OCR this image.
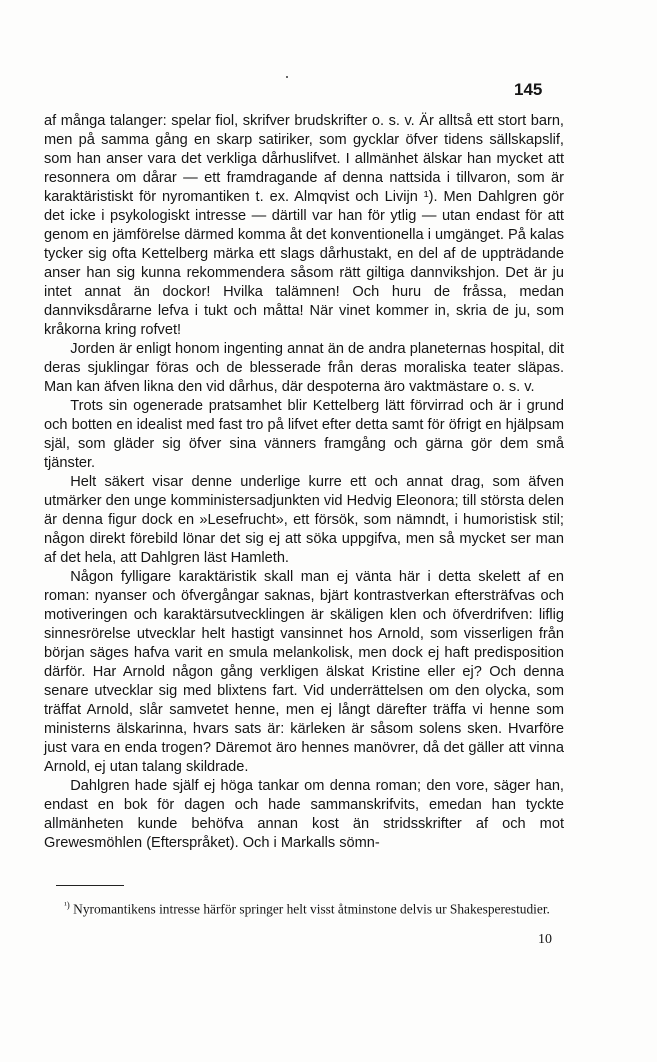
145

af många talanger: spelar fiol, skrifver brudskrifter o. s. v. Är alltså ett stort barn, men på samma gång en skarp satiriker, som gycklar öfver tidens sällskapslif, som han anser vara det verkliga dårhuslifvet. I allmänhet älskar han mycket att resonnera om dårar — ett framdragande af denna nattsida i tillvaron, som är karaktäristiskt för nyromantiken t. ex. Almqvist och Livijn ¹). Men Dahlgren gör det icke i psykologiskt intresse — därtill var han för ytlig — utan endast för att genom en jämförelse därmed komma åt det konventionella i umgänget. På kalas tycker sig ofta Kettelberg märka ett slags dårhustakt, en del af de uppträdande anser han sig kunna rekommendera såsom rätt giltiga dannvikshjon. Det är ju intet annat än dockor! Hvilka talämnen! Och huru de fråssa, medan dannviksdårarne lefva i tukt och måtta! När vinet kommer in, skria de ju, som kråkorna kring rofvet!

Jorden är enligt honom ingenting annat än de andra planeternas hospital, dit deras sjuklingar föras och de blesserade från deras moraliska teater släpas. Man kan äfven likna den vid dårhus, där despoterna äro vaktmästare o. s. v.

Trots sin ogenerade pratsamhet blir Kettelberg lätt förvirrad och är i grund och botten en idealist med fast tro på lifvet efter detta samt för öfrigt en hjälpsam själ, som gläder sig öfver sina vänners framgång och gärna gör dem små tjänster.

Helt säkert visar denne underlige kurre ett och annat drag, som äfven utmärker den unge komministersadjunkten vid Hedvig Eleonora; till största delen är denna figur dock en »Lesefrucht», ett försök, som nämndt, i humoristisk stil; någon direkt förebild lönar det sig ej att söka uppgifva, men så mycket ser man af det hela, att Dahlgren läst Hamleth.

Någon fylligare karaktäristik skall man ej vänta här i detta skelett af en roman: nyanser och öfvergångar saknas, bjärt kontrastverkan eftersträfvas och motiveringen och karaktärsutvecklingen är skäligen klen och öfverdrifven: liflig sinnesrörelse utvecklar helt hastigt vansinnet hos Arnold, som visserligen från början säges hafva varit en smula melankolisk, men dock ej haft predisposition därför. Har Arnold någon gång verkligen älskat Kristine eller ej? Och denna senare utvecklar sig med blixtens fart. Vid underrättelsen om den olycka, som träffat Arnold, slår samvetet henne, men ej långt därefter träffa vi henne som ministerns älskarinna, hvars sats är: kärleken är såsom solens sken. Hvarföre just vara en enda trogen? Däremot äro hennes manövrer, då det gäller att vinna Arnold, ej utan talang skildrade.

Dahlgren hade själf ej höga tankar om denna roman; den vore, säger han, endast en bok för dagen och hade sammanskrifvits, emedan han tyckte allmänheten kunde behöfva annan kost än stridsskrifter af och mot Grewesmöhlen (Efterspråket). Och i Markalls sömn-

$^{^1)}$ Nyromantikens intresse härför springer helt visst åtminstone delvis ur Shakesperestudier.
10
